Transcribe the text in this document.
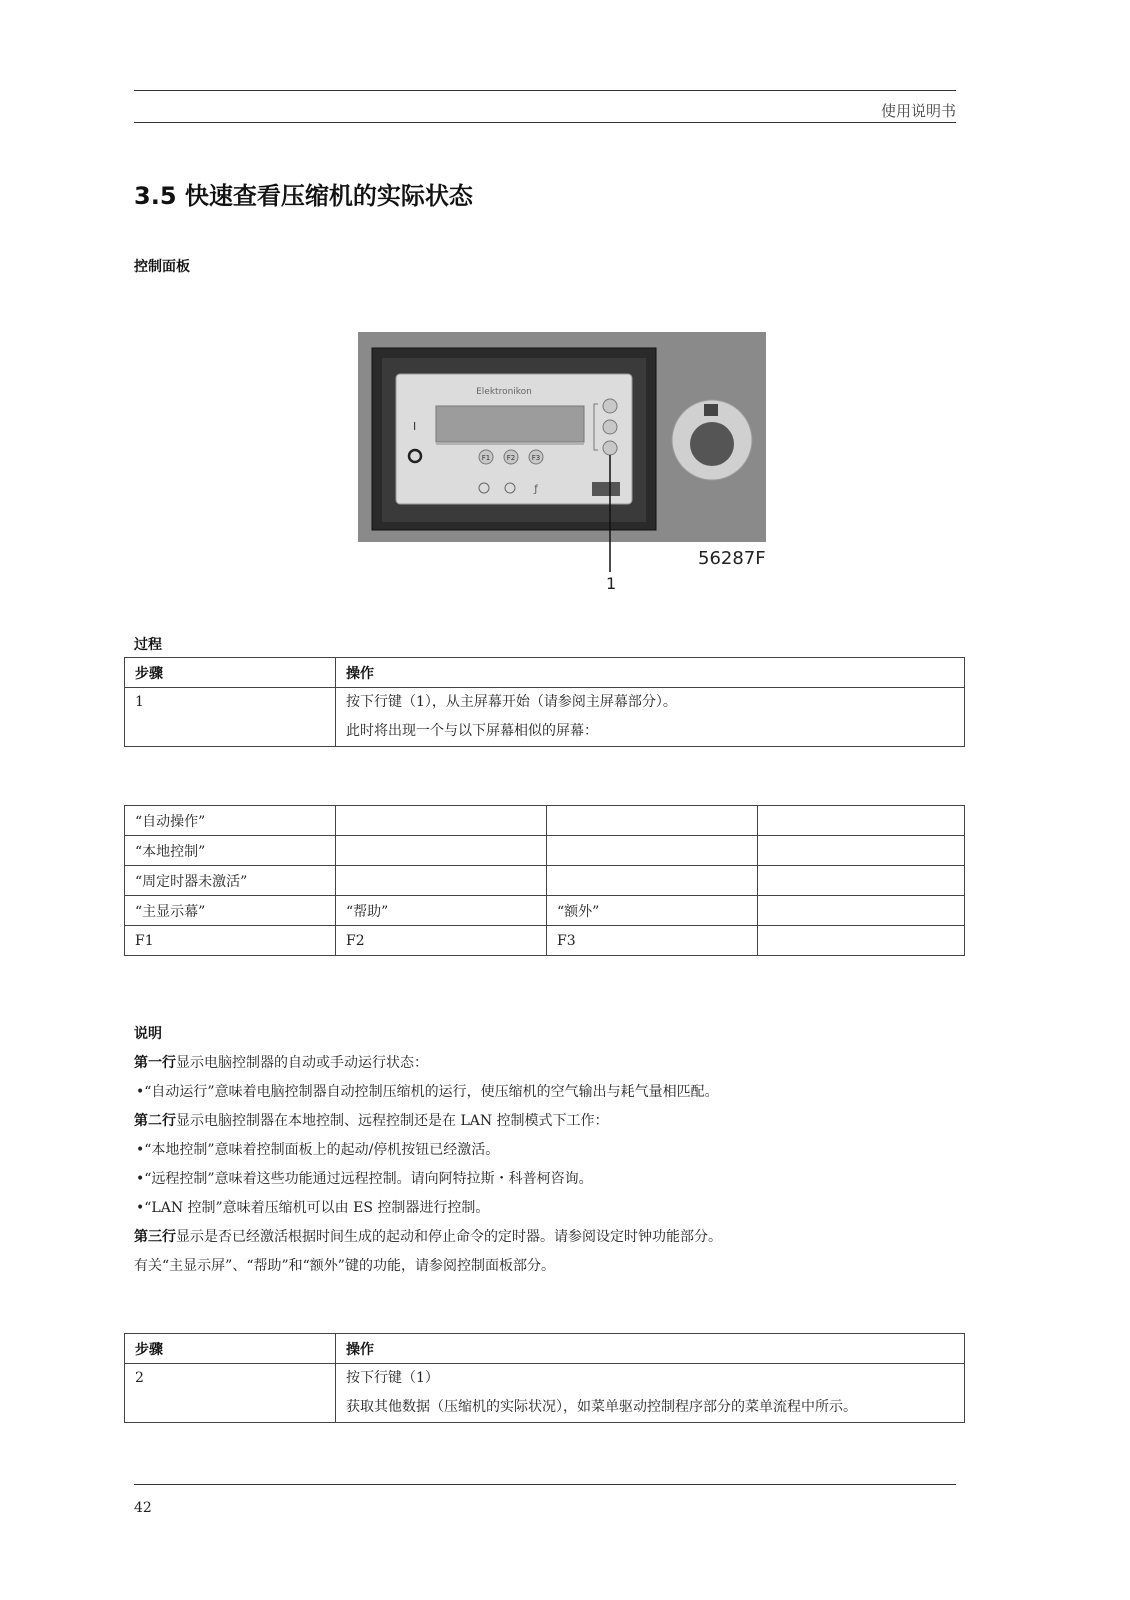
使用说明书
3.5 快速查看压缩机的实际状态
控制面板
Elektronikon
I
F1 F2 F3
ƒ
56287F
1
过程
步骤	操作
1	按下行键（1），从主屏幕开始（请参阅主屏幕部分）。
此时将出现一个与以下屏幕相似的屏幕：
“自动操作”			
“本地控制”			
“周定时器未激活”			
“主显示幕”	“帮助”	“额外”	
F1	F2	F3	
说明
第一行显示电脑控制器的自动或手动运行状态：
•“自动运行”意味着电脑控制器自动控制压缩机的运行，使压缩机的空气输出与耗气量相匹配。
第二行显示电脑控制器在本地控制、远程控制还是在 LAN 控制模式下工作：
•“本地控制”意味着控制面板上的起动/停机按钮已经激活。
•“远程控制”意味着这些功能通过远程控制。请向阿特拉斯・科普柯咨询。
•“LAN 控制”意味着压缩机可以由 ES 控制器进行控制。
第三行显示是否已经激活根据时间生成的起动和停止命令的定时器。请参阅设定时钟功能部分。
有关“主显示屏”、“帮助”和“额外”键的功能，请参阅控制面板部分。
步骤	操作
2	按下行键（1）
获取其他数据（压缩机的实际状况），如菜单驱动控制程序部分的菜单流程中所示。
42
